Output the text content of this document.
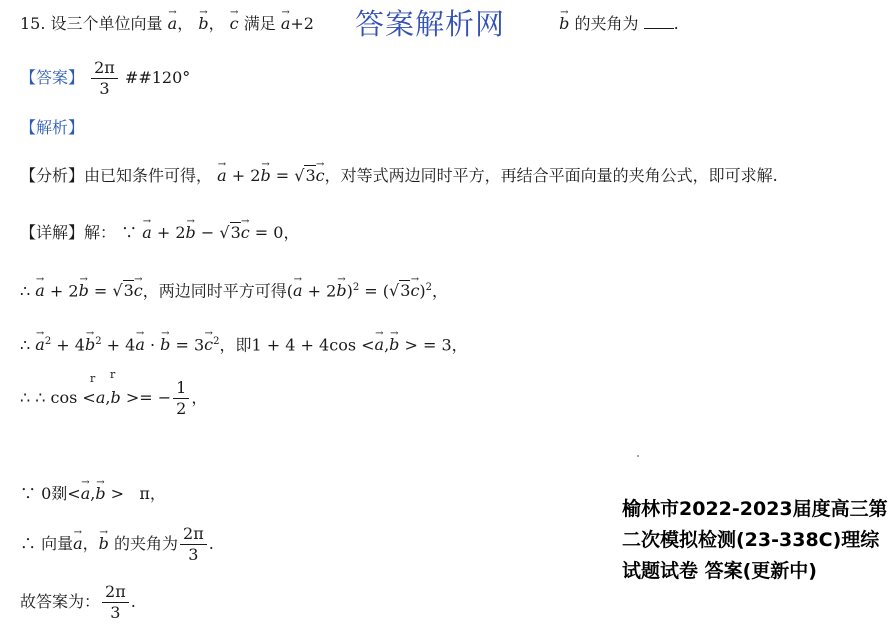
15. 设三个单位向量 → a， → b， → c 满足 → a+2	→ b 的夹角为 .
答案解析网
【答案】 $\frac{2\pi}{3}$ ##120°
【解析】
【分析】由已知条件可得， → a + 2→ b = √3→ c，对等式两边同时平方，再结合平面向量的夹角公式，即可求解.
【详解】解： ∵ → a + 2→ b − √3→ c = 0，
∴ → a + 2→ b = √3→ c，两边同时平方可得(→ $a + 2\to b)^2 = (√3\to c)^2$，
∴ → $a^2 + 4\to b^2 + 4\to a$ · → $b = 3\to c^2$，即1 + 4 + 4cos <→ a,→ b > = 3，
r r
∴ ∴ cos <a,b >= − $\frac{1}{2}$ ，
∵ 0剟<→ a,→ b > π，
∴ 向量→ a，→ b 的夹角为 $\frac{2\pi}{3}$ .
故答案为： $\frac{2\pi}{3}$ .
榆林市2022-2023届度高三第二次模拟检测(23-338C)理综试题试卷 答案(更新中)
